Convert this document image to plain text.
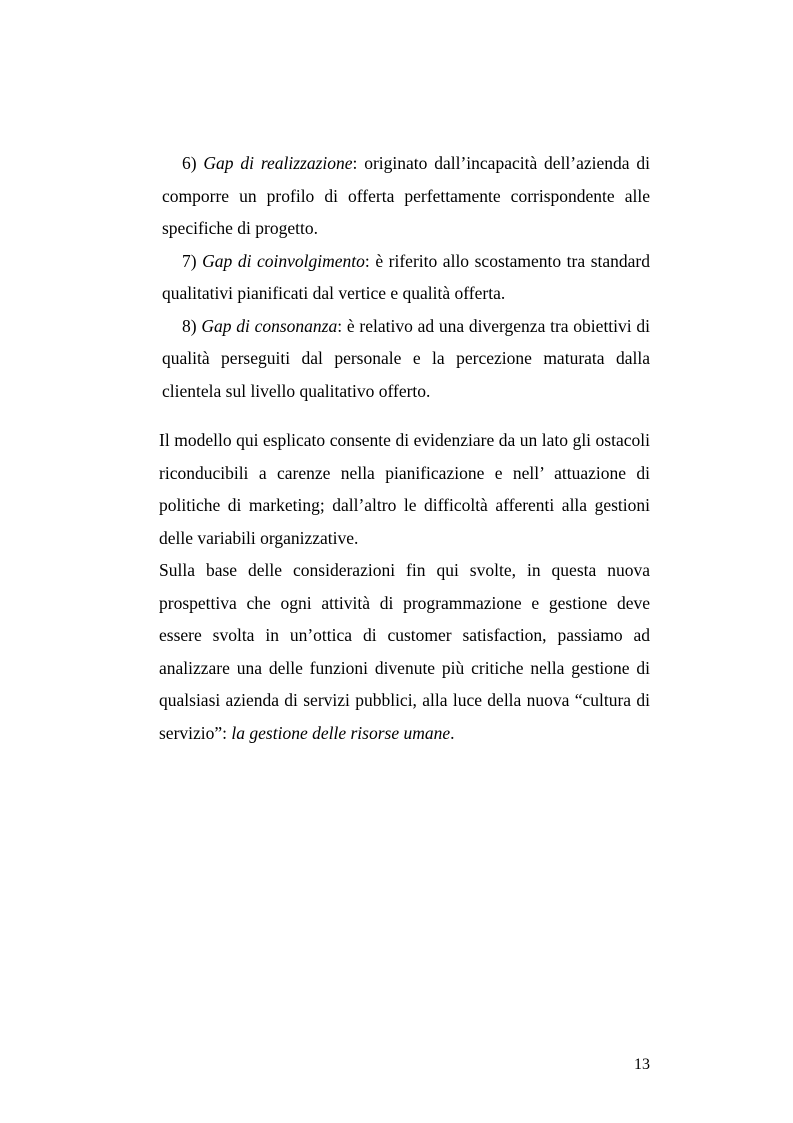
6) Gap di realizzazione: originato dall’incapacità dell’azienda di comporre un profilo di offerta perfettamente corrispondente alle specifiche di progetto.

7) Gap di coinvolgimento: è riferito allo scostamento tra standard qualitativi pianificati dal vertice e qualità offerta.

8) Gap di consonanza: è relativo ad una divergenza tra obiettivi di qualità perseguiti dal personale e la percezione maturata dalla clientela sul livello qualitativo offerto.

Il modello qui esplicato consente di evidenziare da un lato gli ostacoli riconducibili a carenze nella pianificazione e nell’ attuazione di politiche di marketing; dall’altro le difficoltà afferenti alla gestioni delle variabili organizzative.

Sulla base delle considerazioni fin qui svolte, in questa nuova prospettiva che ogni attività di programmazione e gestione deve essere svolta in un’ottica di customer satisfaction, passiamo ad analizzare una delle funzioni divenute più critiche nella gestione di qualsiasi azienda di servizi pubblici, alla luce della nuova “cultura di servizio”: la gestione delle risorse umane.

13
